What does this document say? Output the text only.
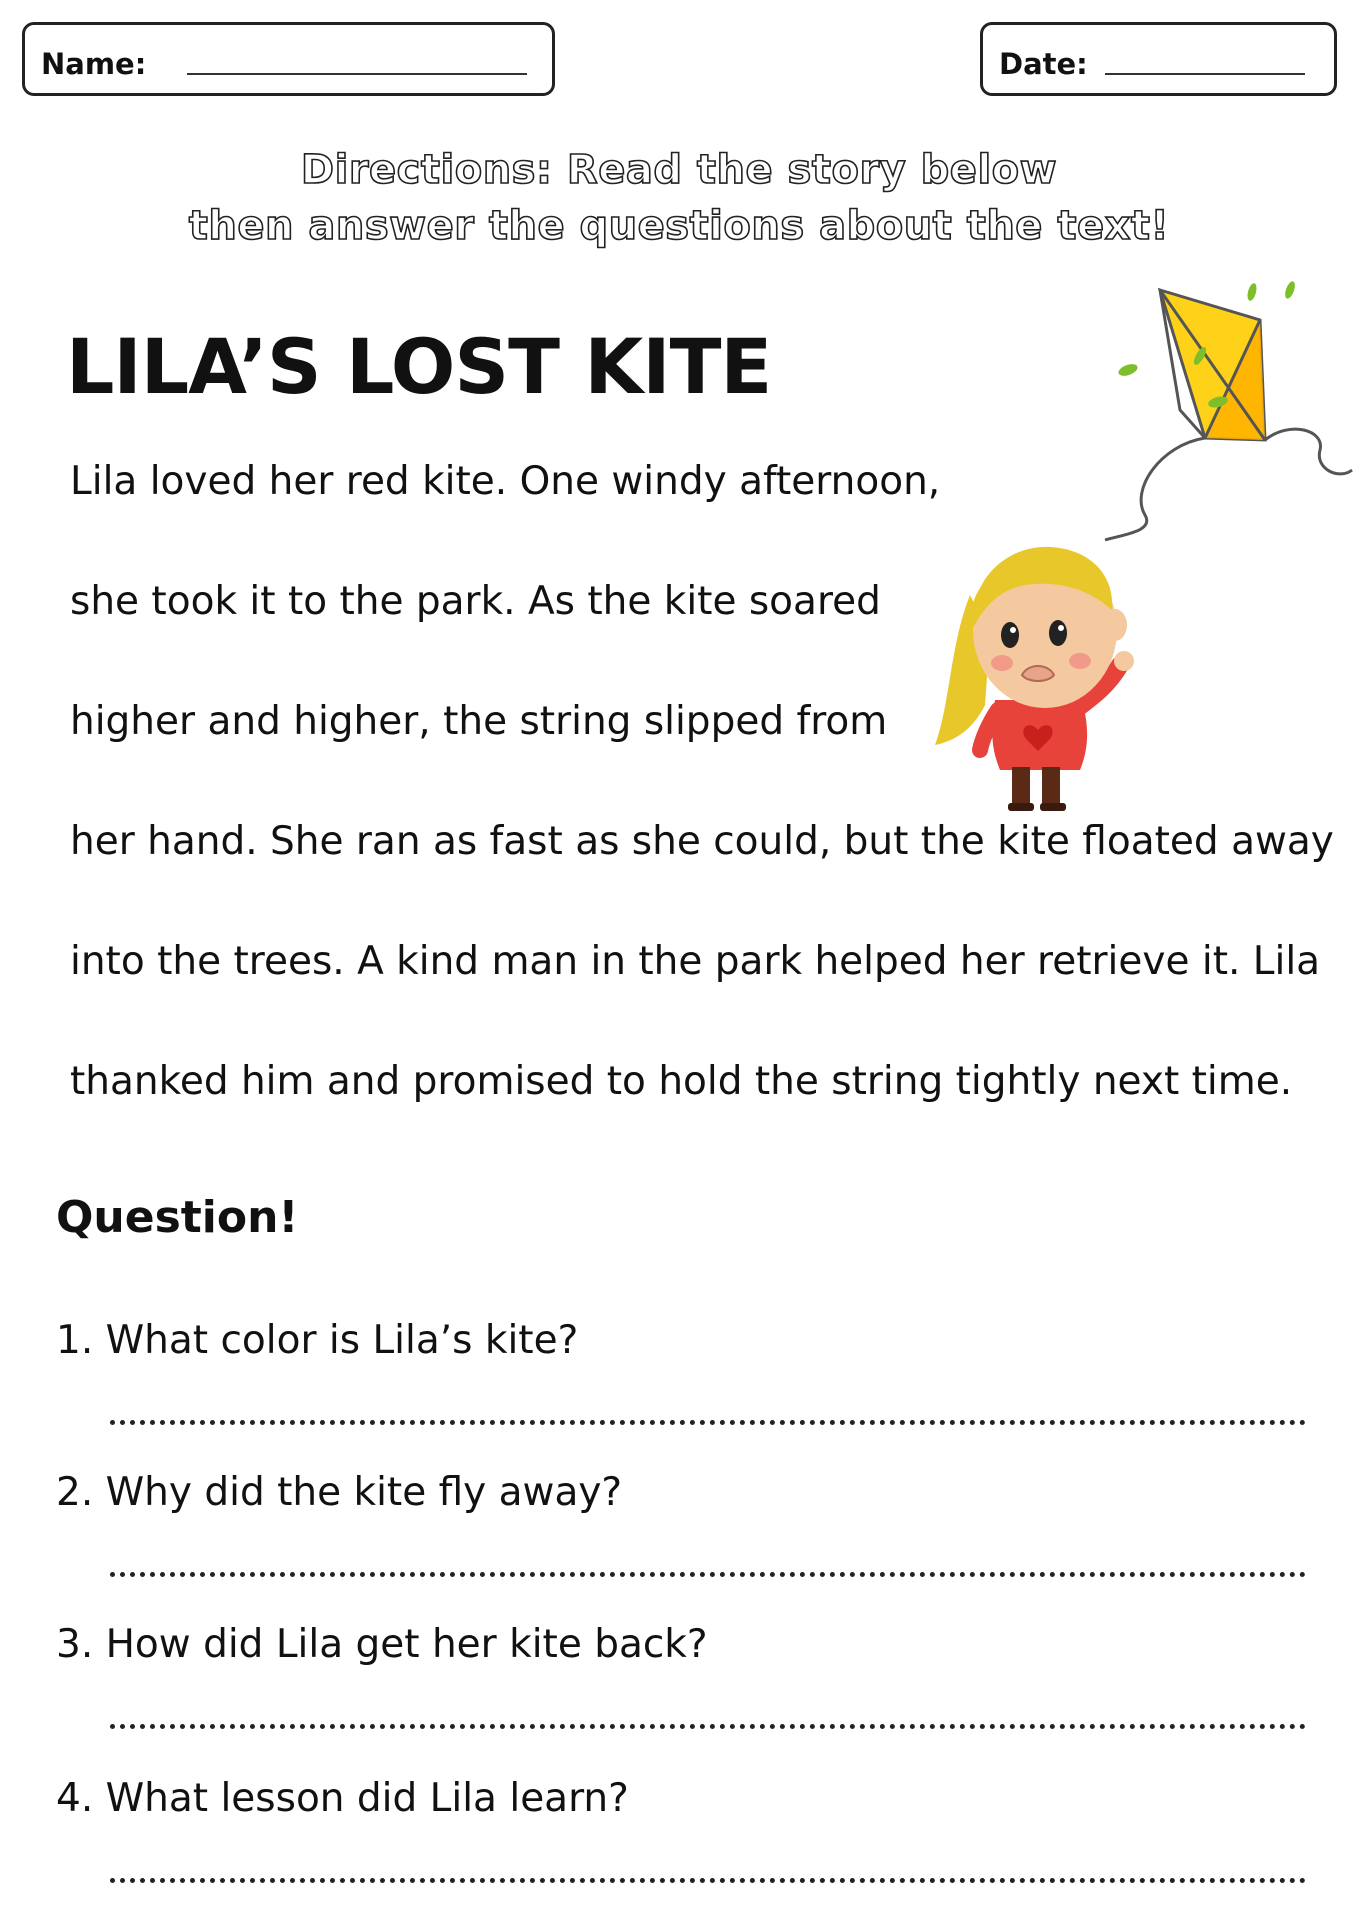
Name:	Date:
Directions: Read the story below
then answer the questions about the text!
LILA’S LOST KITE
Lila loved her red kite. One windy afternoon,
she took it to the park. As the kite soared
higher and higher, the string slipped from
her hand. She ran as fast as she could, but the kite floated away
into the trees. A kind man in the park helped her retrieve it. Lila
thanked him and promised to hold the string tightly next time.
Question!
1. What color is Lila’s kite?
2. Why did the kite fly away?
3. How did Lila get her kite back?
4. What lesson did Lila learn?
